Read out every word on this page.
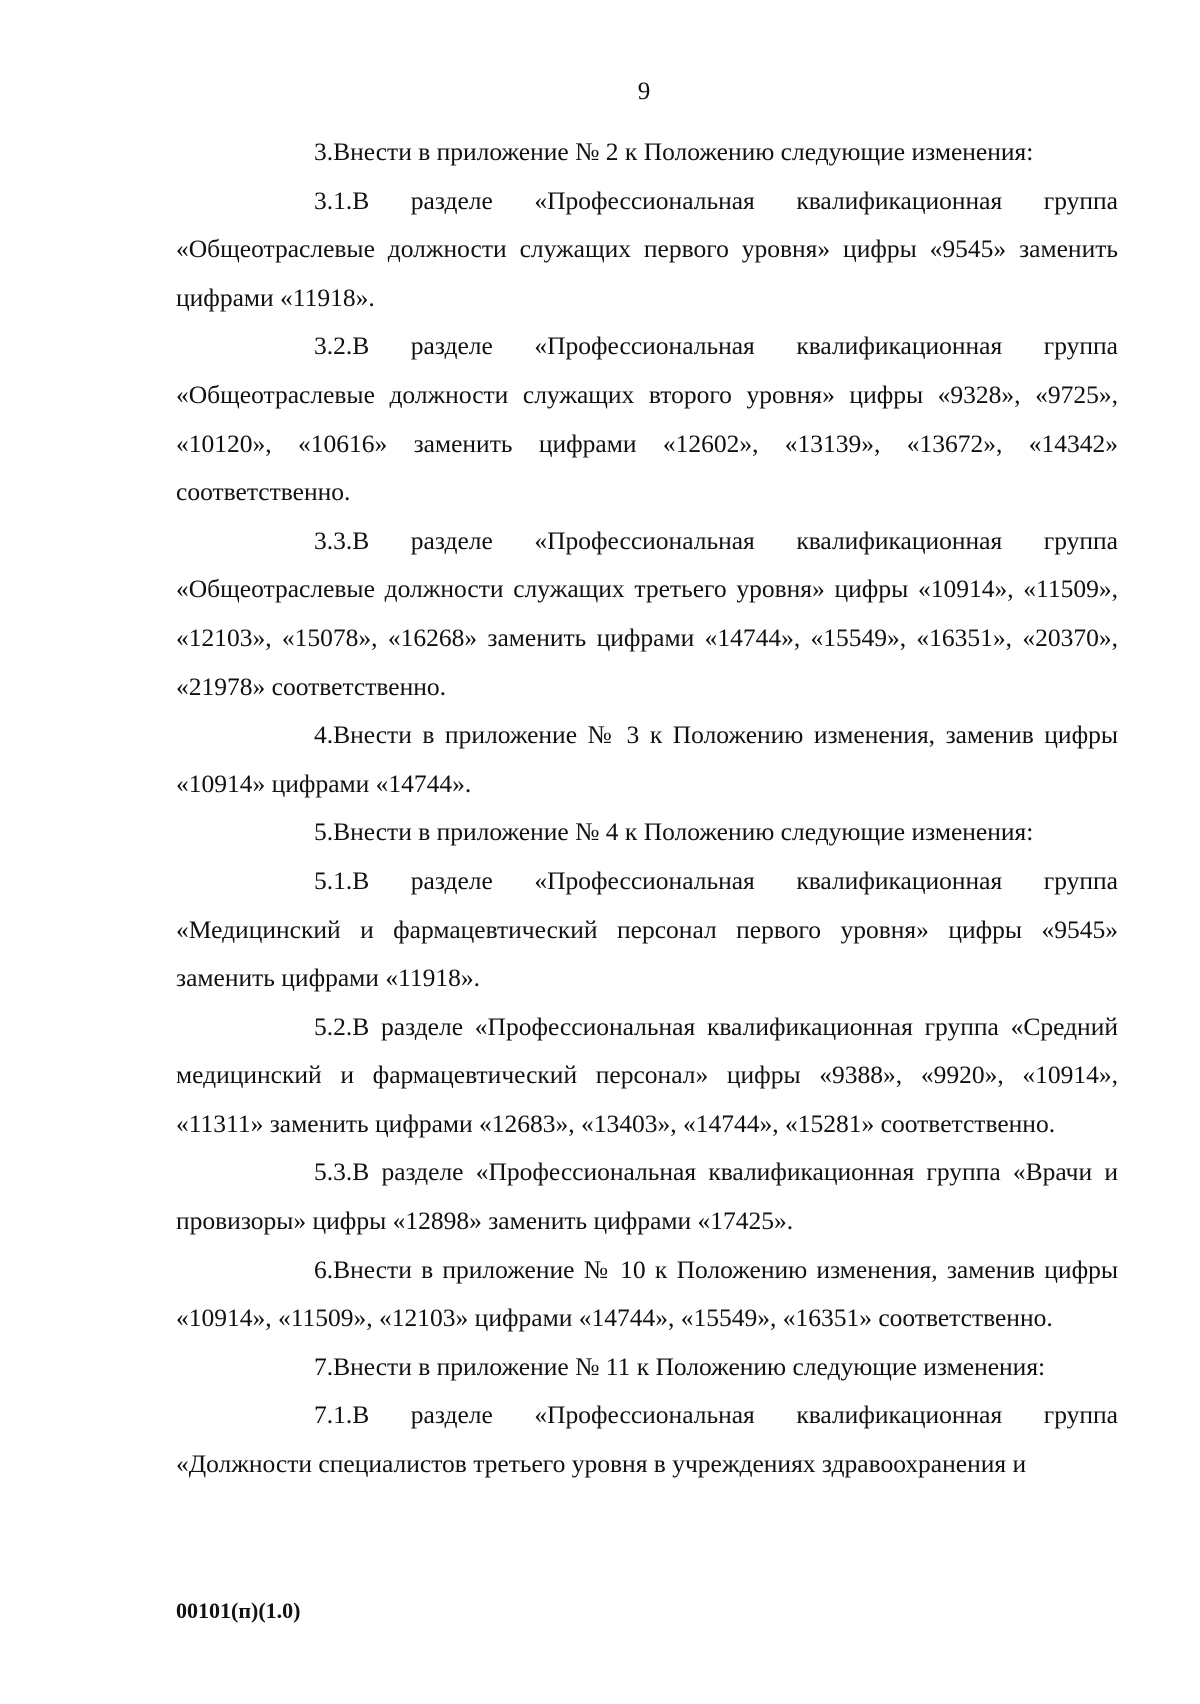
9

3.Внести в приложение № 2 к Положению следующие изменения:

3.1.В разделе «Профессиональная квалификационная группа «Общеотраслевые должности служащих первого уровня» цифры «9545» заменить цифрами «11918».

3.2.В разделе «Профессиональная квалификационная группа «Общеотраслевые должности служащих второго уровня» цифры «9328», «9725», «10120», «10616» заменить цифрами «12602», «13139», «13672», «14342» соответственно.

3.3.В разделе «Профессиональная квалификационная группа «Общеотраслевые должности служащих третьего уровня» цифры «10914», «11509», «12103», «15078», «16268» заменить цифрами «14744», «15549», «16351», «20370», «21978» соответственно.

4.Внести в приложение № 3 к Положению изменения, заменив цифры «10914» цифрами «14744».

5.Внести в приложение № 4 к Положению следующие изменения:

5.1.В разделе «Профессиональная квалификационная группа «Медицинский и фармацевтический персонал первого уровня» цифры «9545» заменить цифрами «11918».

5.2.В разделе «Профессиональная квалификационная группа «Средний медицинский и фармацевтический персонал» цифры «9388», «9920», «10914», «11311» заменить цифрами «12683», «13403», «14744», «15281» соответственно.

5.3.В разделе «Профессиональная квалификационная группа «Врачи и провизоры» цифры «12898» заменить цифрами «17425».

6.Внести в приложение № 10 к Положению изменения, заменив цифры «10914», «11509», «12103» цифрами «14744», «15549», «16351» соответственно.

7.Внести в приложение № 11 к Положению следующие изменения:

7.1.В разделе «Профессиональная квалификационная группа «Должности специалистов третьего уровня в учреждениях здравоохранения и

00101(п)(1.0)
